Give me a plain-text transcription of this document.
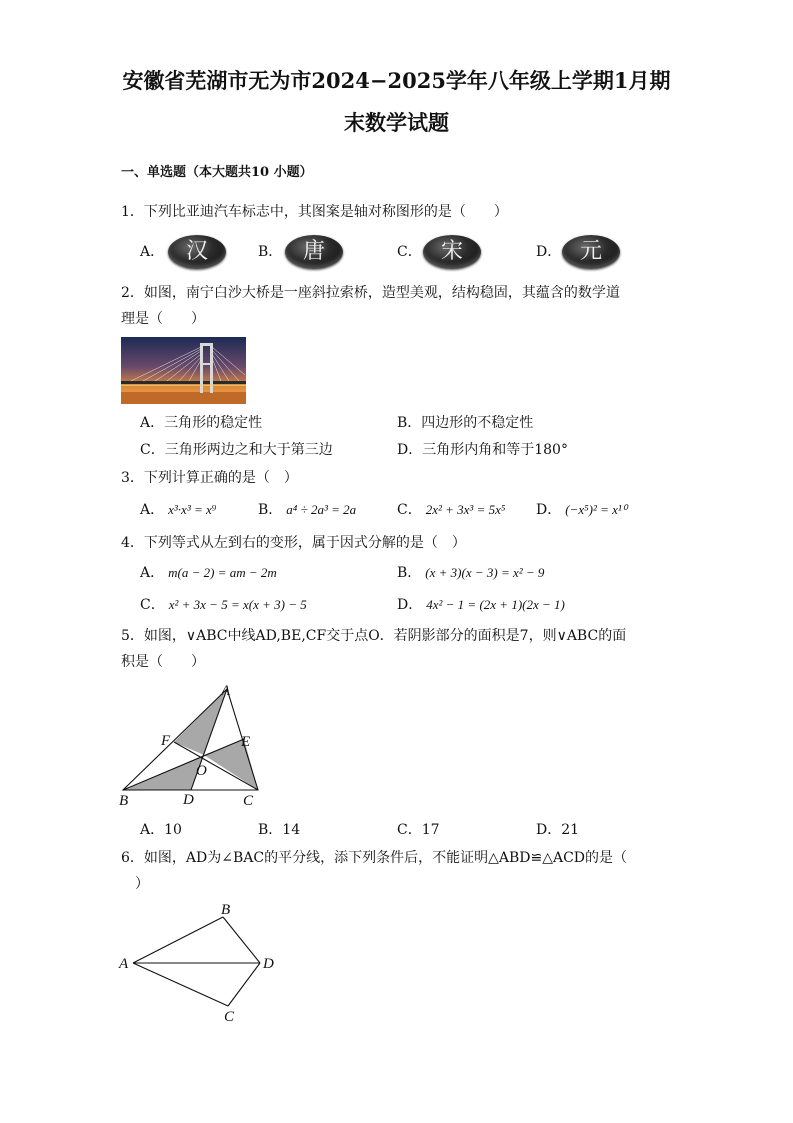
安徽省芜湖市无为市2024−2025学年八年级上学期1月期
末数学试题
一、单选题（本大题共10 小题）
1．下列比亚迪汽车标志中，其图案是轴对称图形的是（　　）
A． 汉	B． 唐	C． 宋	D． 元
2．如图，南宁白沙大桥是一座斜拉索桥，造型美观，结构稳固，其蕴含的数学道
理是（　　）
A．三角形的稳定性	B．四边形的不稳定性
C．三角形两边之和大于第三边	D．三角形内角和等于180°
3．下列计算正确的是（　）
A． x³·x³ = x⁹	B． a⁴ ÷ 2a³ = 2a	C． 2x² + 3x³ = 5x⁵ D． (−x⁵)² = x¹⁰
4．下列等式从左到右的变形，属于因式分解的是（　）
A． m(a − 2) = am − 2m	B． (x + 3)(x − 3) = x² − 9
C． x² + 3x − 5 = x(x + 3) − 5	D． 4x² − 1 = (2x + 1)(2x − 1)
5．如图，∨ABC中线AD,BE,CF交于点O．若阴影部分的面积是7，则∨ABC的面
积是（　　）
A
B	C
D
E
F
O
A．10	B．14	C．17	D．21
6．如图，AD为∠BAC的平分线，添下列条件后，不能证明△ABD≌△ACD的是（
　）
A
B
C
D
